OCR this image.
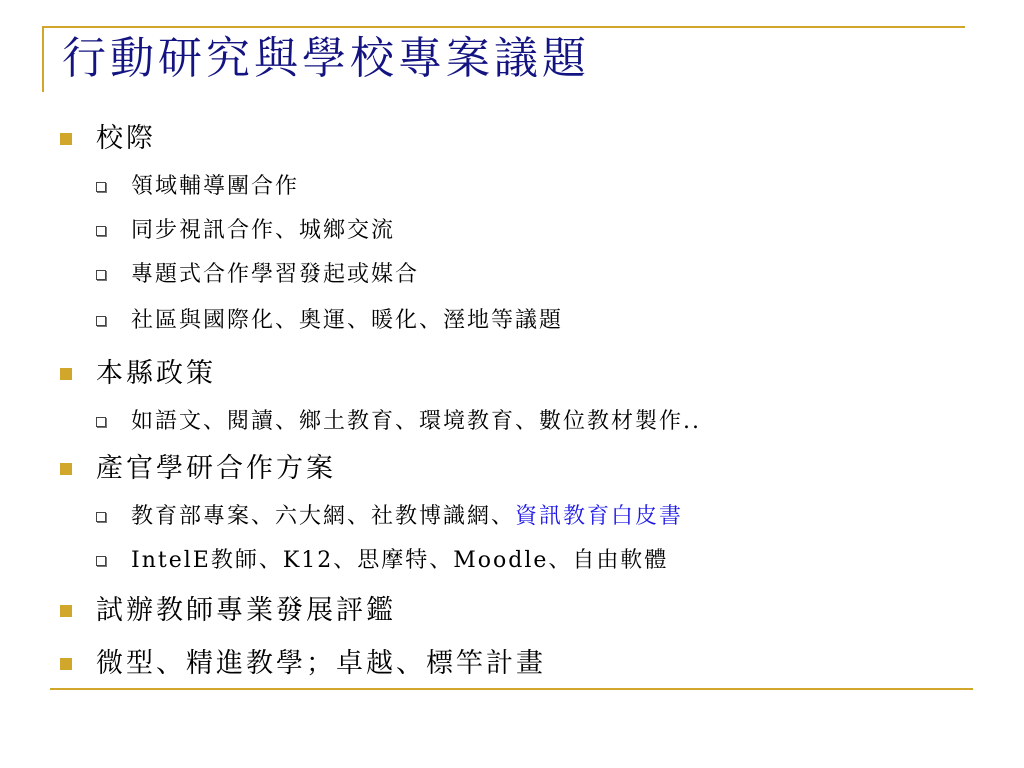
行動研究與學校專案議題
校際
領域輔導團合作
同步視訊合作、城鄉交流
專題式合作學習發起或媒合
社區與國際化、奧運、暖化、溼地等議題
本縣政策
如語文、閱讀、鄉土教育、環境教育、數位教材製作..
產官學研合作方案
教育部專案、六大網、社教博識網、資訊教育白皮書
IntelE教師、K12、思摩特、Moodle、自由軟體
試辦教師專業發展評鑑
微型、精進教學；卓越、標竿計畫
